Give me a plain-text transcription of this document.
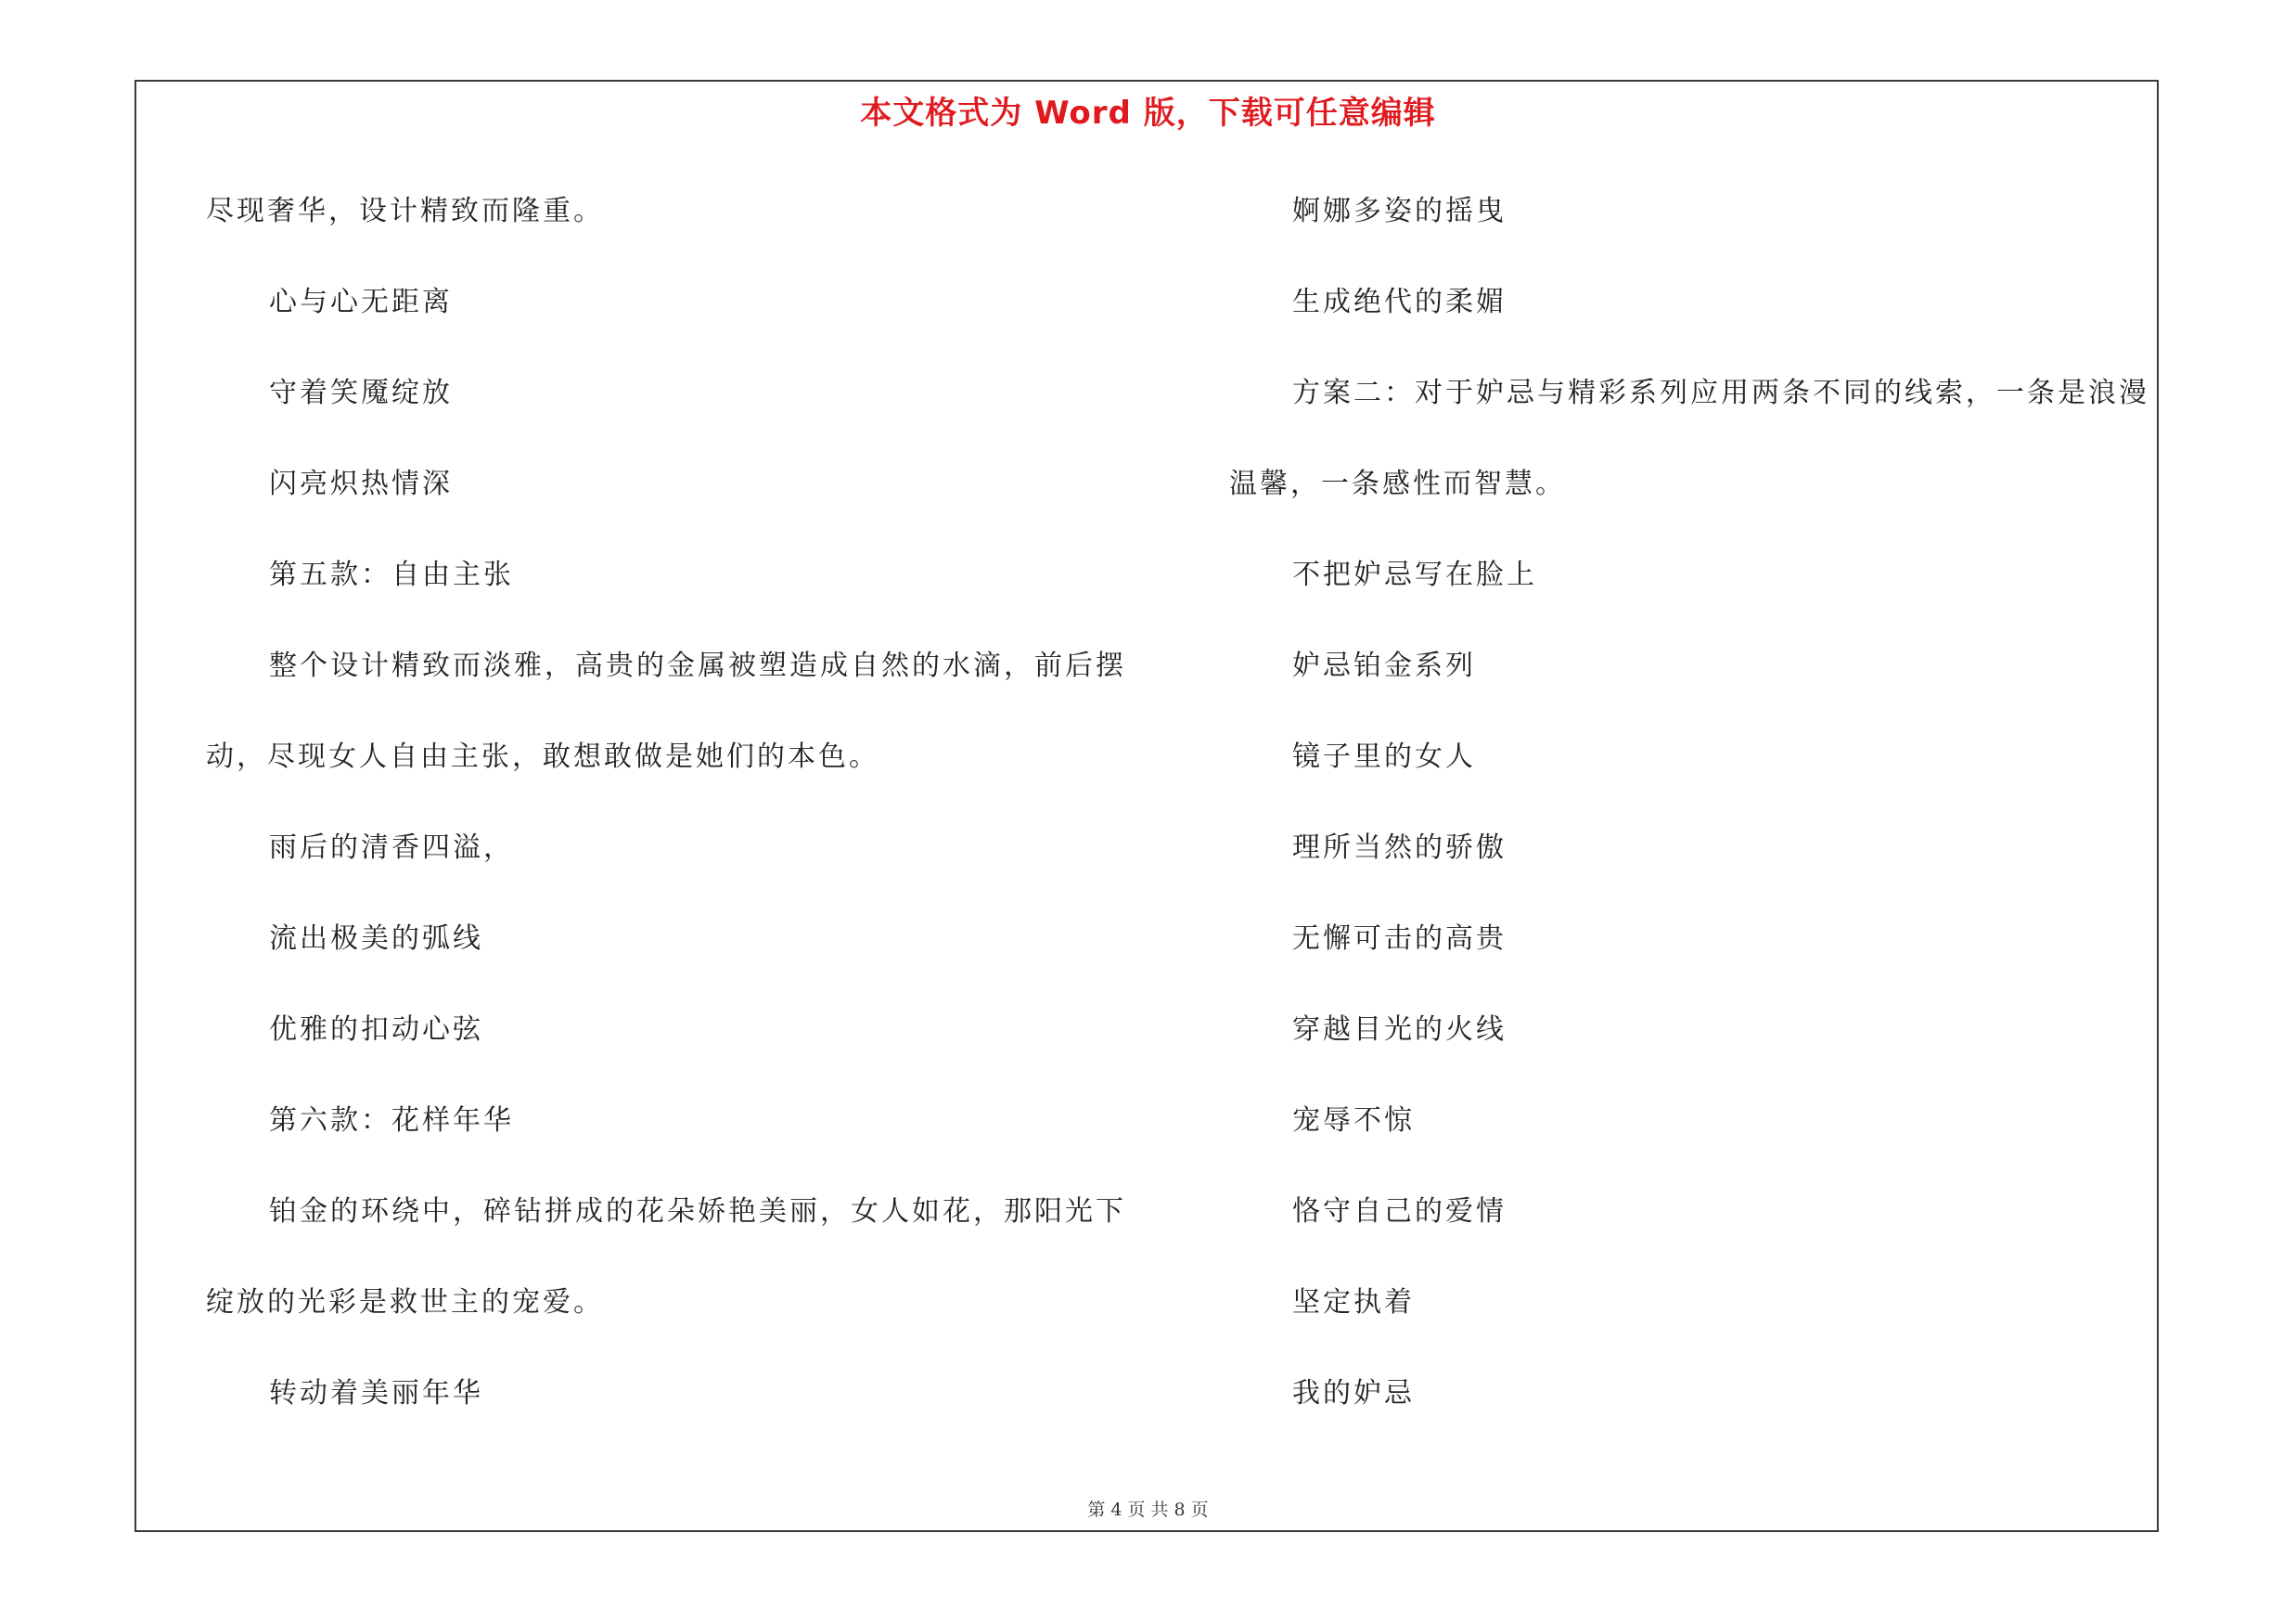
本文格式为 Word 版，下载可任意编辑
尽现奢华，设计精致而隆重。
心与心无距离
守着笑魇绽放
闪亮炽热情深
第五款：自由主张
整个设计精致而淡雅，高贵的金属被塑造成自然的水滴，前后摆
动，尽现女人自由主张，敢想敢做是她们的本色。
雨后的清香四溢，
流出极美的弧线
优雅的扣动心弦
第六款：花样年华
铂金的环绕中，碎钻拼成的花朵娇艳美丽，女人如花，那阳光下
绽放的光彩是救世主的宠爱。
转动着美丽年华
婀娜多姿的摇曳
生成绝代的柔媚
方案二：对于妒忌与精彩系列应用两条不同的线索，一条是浪漫
温馨，一条感性而智慧。
不把妒忌写在脸上
妒忌铂金系列
镜子里的女人
理所当然的骄傲
无懈可击的高贵
穿越目光的火线
宠辱不惊
恪守自己的爱情
坚定执着
我的妒忌
第 4 页 共 8 页
